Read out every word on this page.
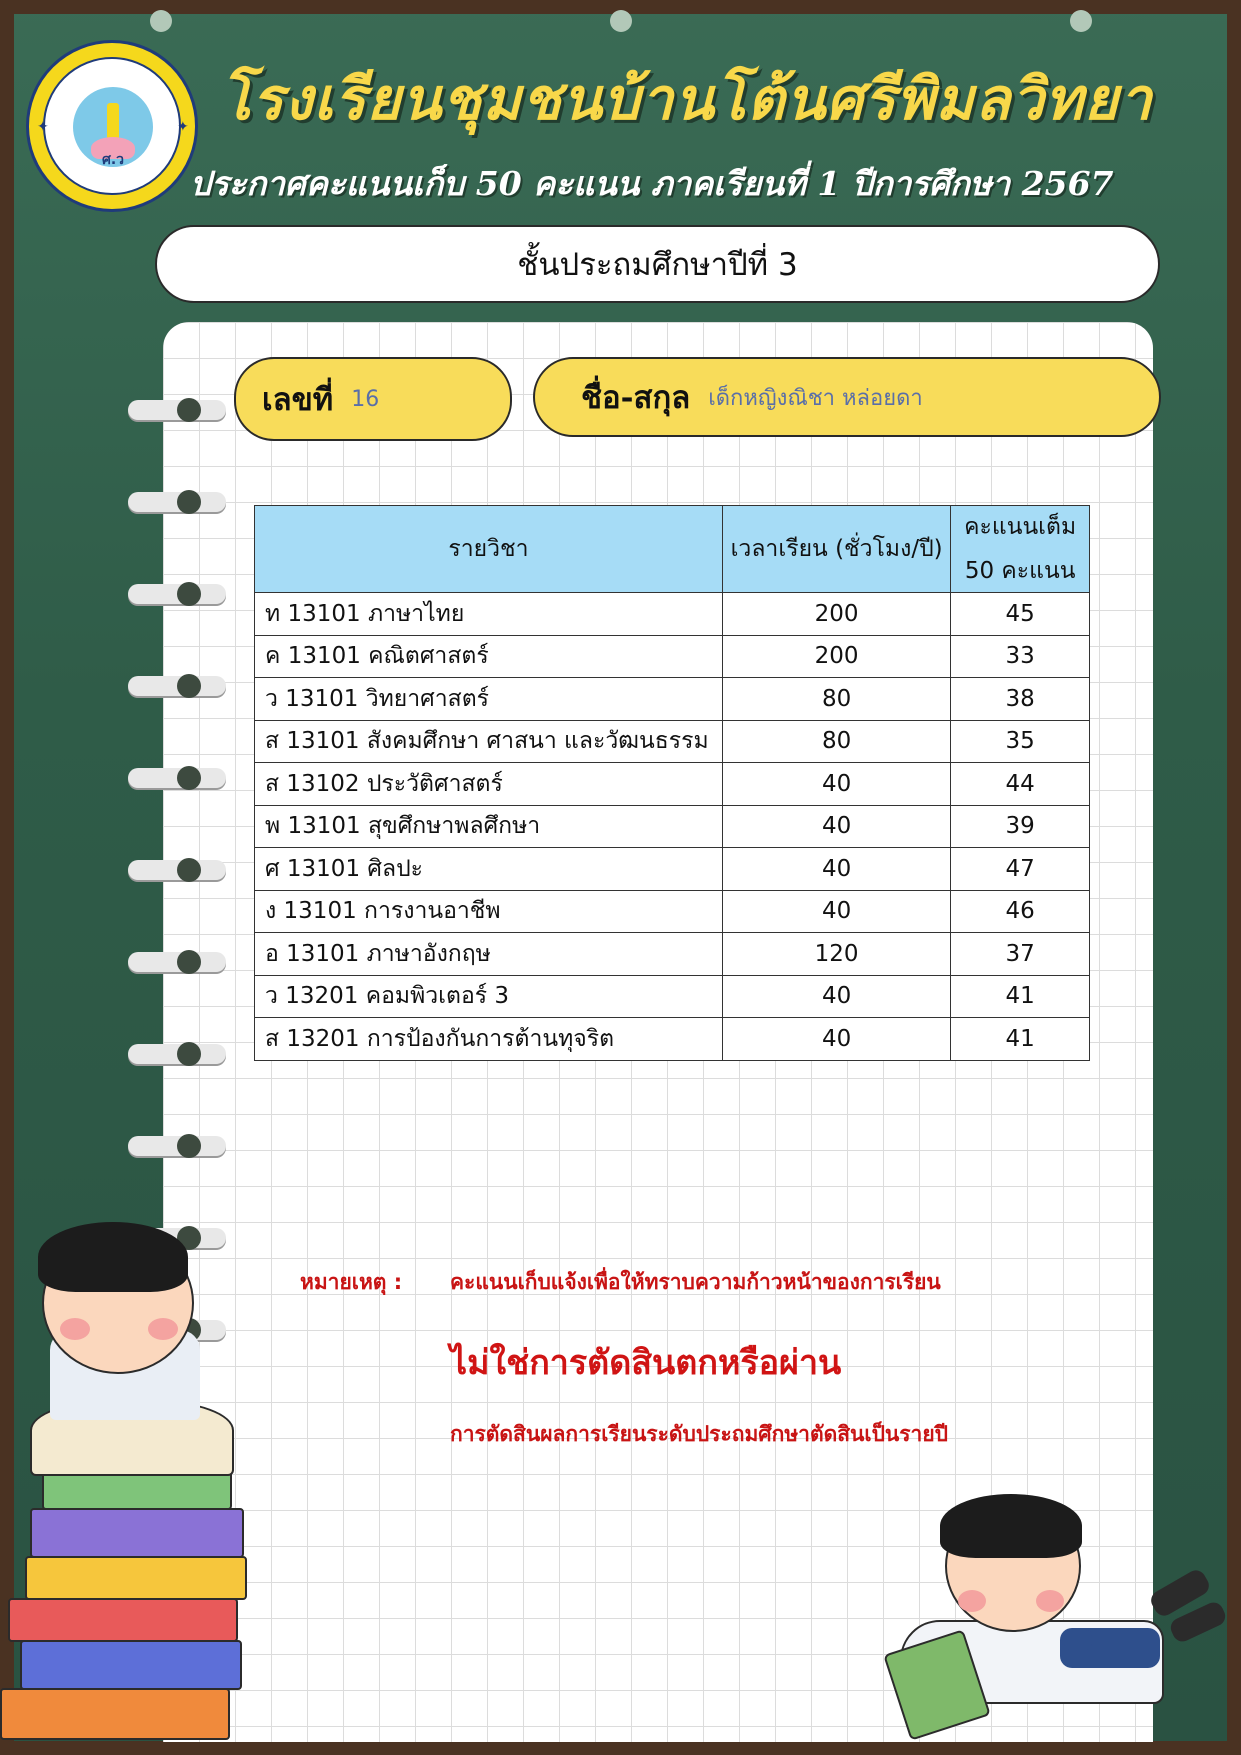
ศ.ว
✦	✦ โรงเรียนชุมชนบ้านโต้นศรีพิมลวิทยา
ประกาศคะแนนเก็บ 50 คะแนน ภาคเรียนที่ 1 ปีการศึกษา 2567
ชั้นประถมศึกษาปีที่ 3
เลขที่ 16	ชื่อ-สกุล เด็กหญิงณิชา หล่อยดา
รายวิชา	เวลาเรียน (ชั่วโมง/ปี)	คะแนนเต็ม
50 คะแนน

ท 13101 ภาษาไทย	200	45
ค 13101 คณิตศาสตร์	200	33
ว 13101 วิทยาศาสตร์	80	38
ส 13101 สังคมศึกษา ศาสนา และวัฒนธรรม	80	35
ส 13102 ประวัติศาสตร์	40	44
พ 13101 สุขศึกษาพลศึกษา	40	39
ศ 13101 ศิลปะ	40	47
ง 13101 การงานอาชีพ	40	46
อ 13101 ภาษาอังกฤษ	120	37
ว 13201 คอมพิวเตอร์ 3	40	41
ส 13201 การป้องกันการต้านทุจริต	40	41
หมายเหตุ : คะแนนเก็บแจ้งเพื่อให้ทราบความก้าวหน้าของการเรียน
ไม่ใช่การตัดสินตกหรือผ่าน
การตัดสินผลการเรียนระดับประถมศึกษาตัดสินเป็นรายปี
